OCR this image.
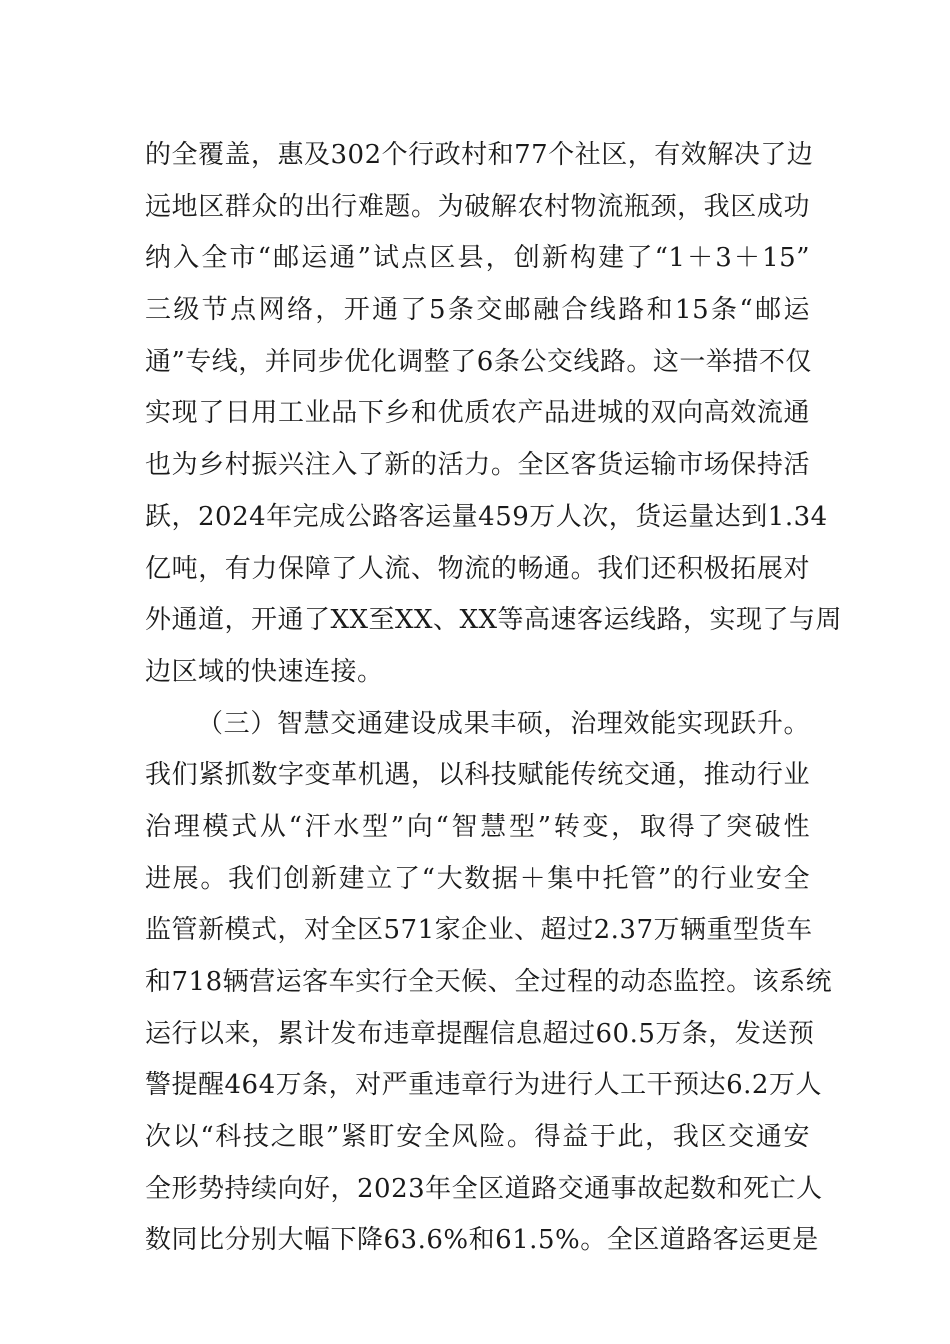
的全覆盖，惠及302个行政村和77个社区，有效解决了边
远地区群众的出行难题。为破解农村物流瓶颈，我区成功
纳入全市“邮运通”试点区县，创新构建了“1＋3＋15”
三级节点网络，开通了5条交邮融合线路和15条“邮运
通”专线，并同步优化调整了6条公交线路。这一举措不仅
实现了日用工业品下乡和优质农产品进城的双向高效流通
也为乡村振兴注入了新的活力。全区客货运输市场保持活
跃，2024年完成公路客运量459万人次，货运量达到1.34
亿吨，有力保障了人流、物流的畅通。我们还积极拓展对
外通道，开通了XX至XX、XX等高速客运线路，实现了与周
边区域的快速连接。
（三）智慧交通建设成果丰硕，治理效能实现跃升。
我们紧抓数字变革机遇，以科技赋能传统交通，推动行业
治理模式从“汗水型”向“智慧型”转变，取得了突破性
进展。我们创新建立了“大数据＋集中托管”的行业安全
监管新模式，对全区571家企业、超过2.37万辆重型货车
和718辆营运客车实行全天候、全过程的动态监控。该系统
运行以来，累计发布违章提醒信息超过60.5万条，发送预
警提醒464万条，对严重违章行为进行人工干预达6.2万人
次以“科技之眼”紧盯安全风险。得益于此，我区交通安
全形势持续向好，2023年全区道路交通事故起数和死亡人
数同比分别大幅下降63.6%和61.5%。全区道路客运更是
